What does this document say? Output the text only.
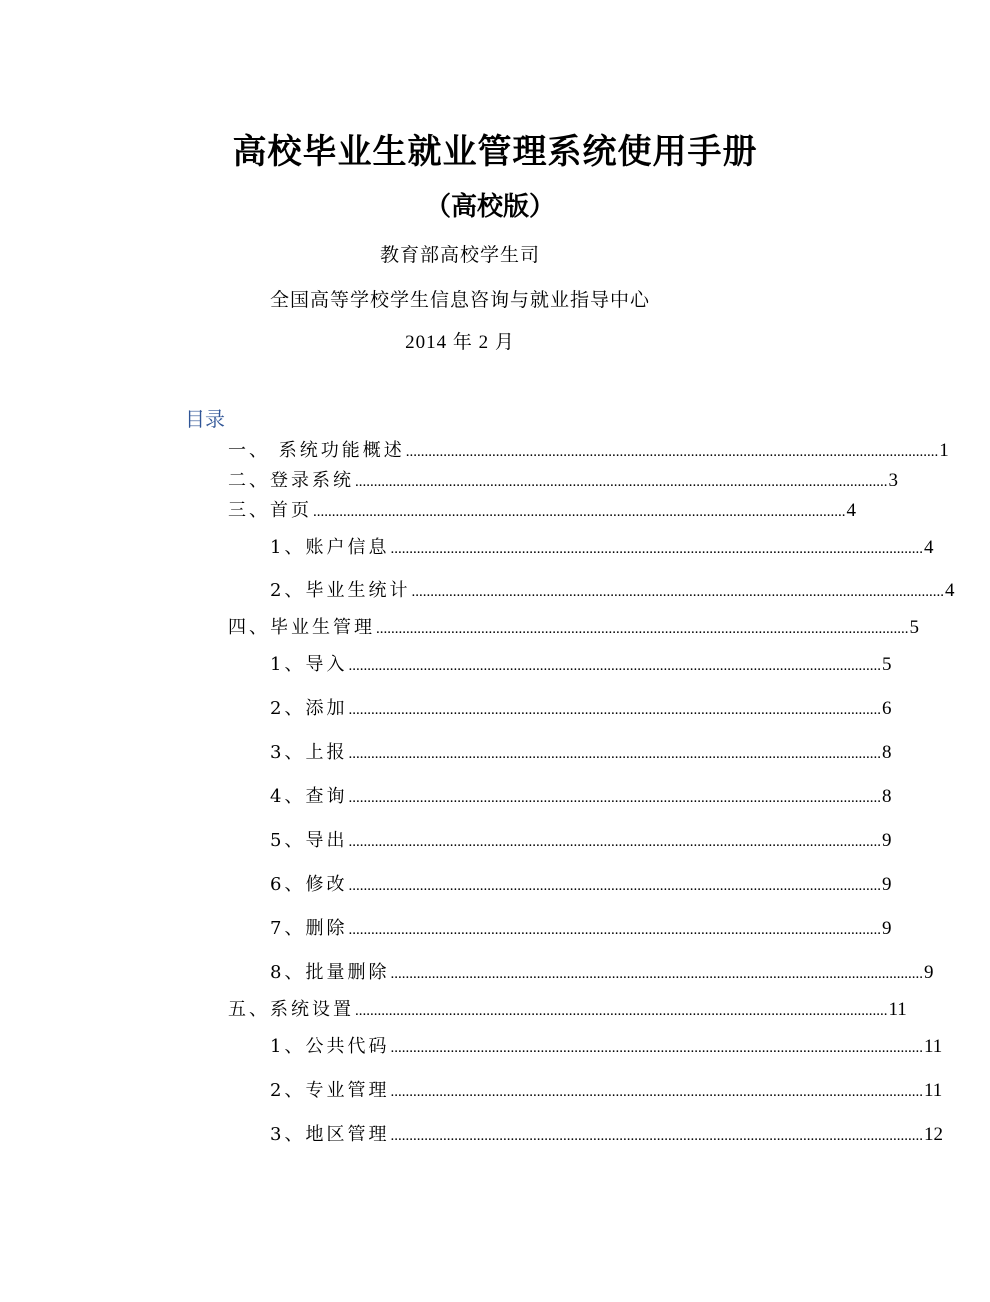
高校毕业生就业管理系统使用手册
（高校版）
教育部高校学生司
全国高等学校学生信息咨询与就业指导中心
2014 年 2 月
目录
一、 系统功能概述 .............................................................................................................................................. 1
二、登录系统 .............................................................................................................................................. 3
三、首页 .............................................................................................................................................. 4
1、账户信息 .............................................................................................................................................. 4
2、毕业生统计 .............................................................................................................................................. 4
四、毕业生管理 .............................................................................................................................................. 5
1、导入 .............................................................................................................................................. 5
2、添加 .............................................................................................................................................. 6
3、上报 .............................................................................................................................................. 8
4、查询 .............................................................................................................................................. 8
5、导出 .............................................................................................................................................. 9
6、修改 .............................................................................................................................................. 9
7、删除 .............................................................................................................................................. 9
8、批量删除 .............................................................................................................................................. 9
五、系统设置 .............................................................................................................................................. 11
1、公共代码 .............................................................................................................................................. 11
2、专业管理 .............................................................................................................................................. 11
3、地区管理 .............................................................................................................................................. 12
